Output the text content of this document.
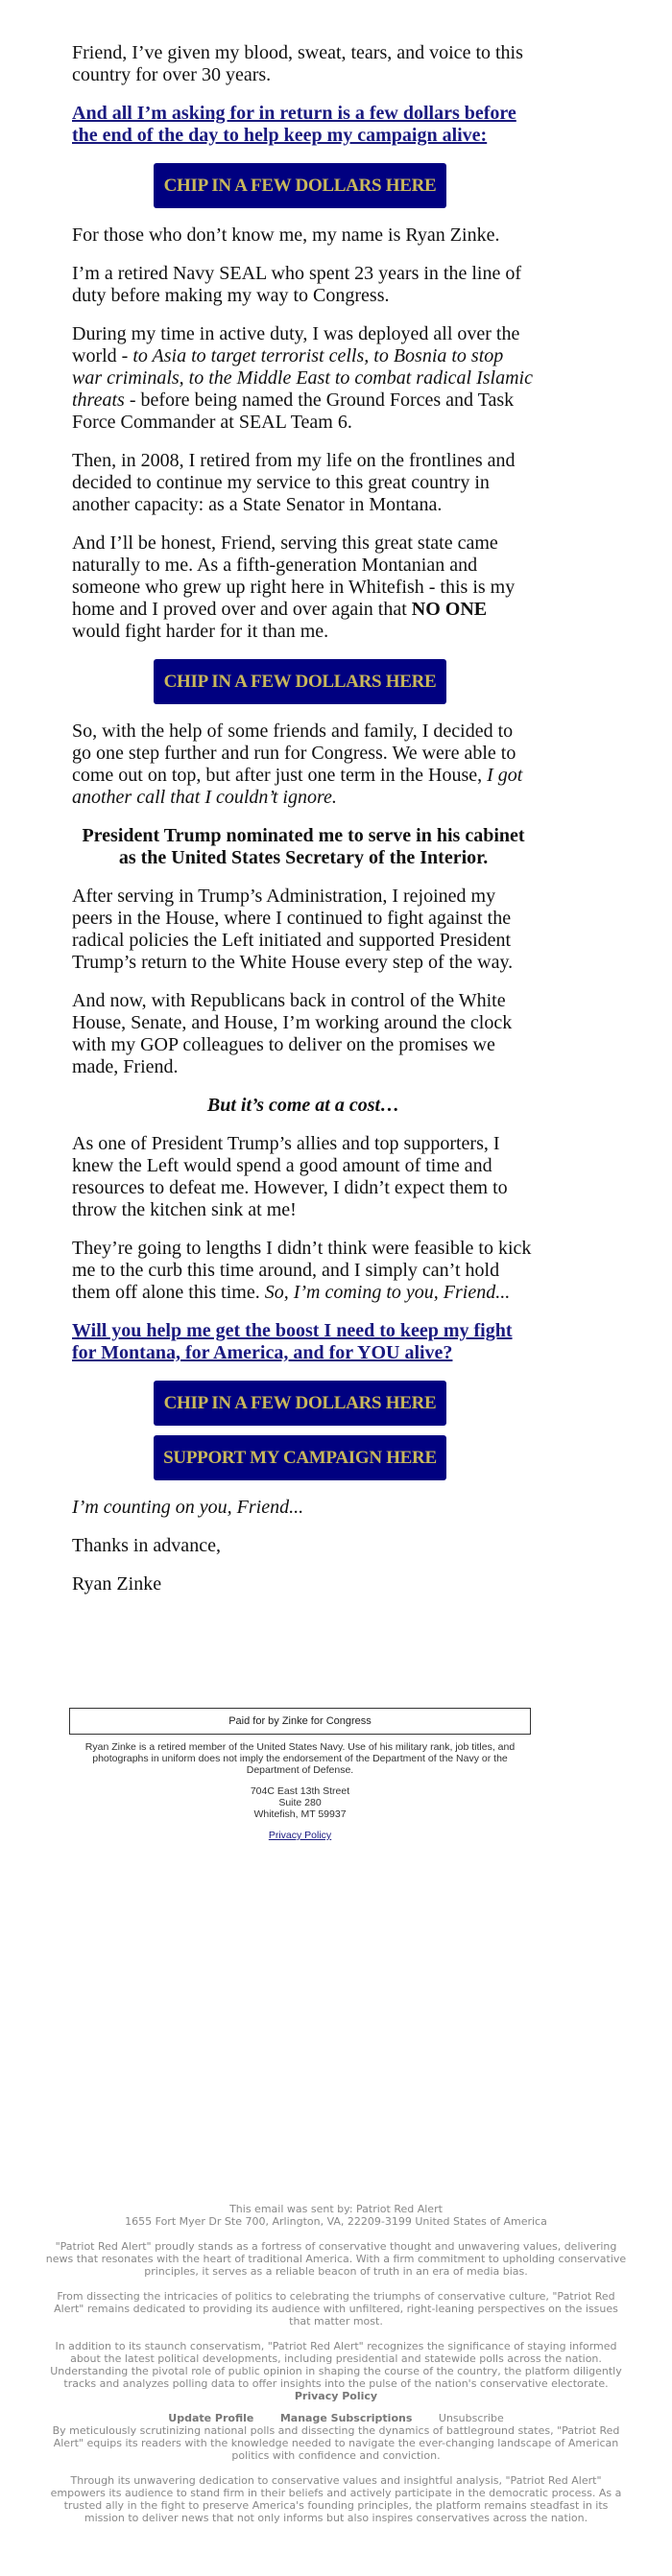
Friend, I’ve given my blood, sweat, tears, and voice to this country for over 30 years.

And all I’m asking for in return is a few dollars before the end of the day to help keep my campaign alive:

CHIP IN A FEW DOLLARS HERE

For those who don’t know me, my name is Ryan Zinke.

I’m a retired Navy SEAL who spent 23 years in the line of duty before making my way to Congress.

During my time in active duty, I was deployed all over the world - to Asia to target terrorist cells, to Bosnia to stop war criminals, to the Middle East to combat radical Islamic threats - before being named the Ground Forces and Task Force Commander at SEAL Team 6.

Then, in 2008, I retired from my life on the frontlines and decided to continue my service to this great country in another capacity: as a State Senator in Montana.

And I’ll be honest, Friend, serving this great state came naturally to me. As a fifth-generation Montanian and someone who grew up right here in Whitefish - this is my home and I proved over and over again that NO ONE would fight harder for it than me.

CHIP IN A FEW DOLLARS HERE

So, with the help of some friends and family, I decided to go one step further and run for Congress. We were able to come out on top, but after just one term in the House, I got another call that I couldn’t ignore.

President Trump nominated me to serve in his cabinet as the United States Secretary of the Interior.

After serving in Trump’s Administration, I rejoined my peers in the House, where I continued to fight against the radical policies the Left initiated and supported President Trump’s return to the White House every step of the way.

And now, with Republicans back in control of the White House, Senate, and House, I’m working around the clock with my GOP colleagues to deliver on the promises we made, Friend.

But it’s come at a cost…

As one of President Trump’s allies and top supporters, I knew the Left would spend a good amount of time and resources to defeat me. However, I didn’t expect them to throw the kitchen sink at me!

They’re going to lengths I didn’t think were feasible to kick me to the curb this time around, and I simply can’t hold them off alone this time. So, I’m coming to you, Friend...

Will you help me get the boost I need to keep my fight for Montana, for America, and for YOU alive?

CHIP IN A FEW DOLLARS HERE
SUPPORT MY CAMPAIGN HERE

I’m counting on you, Friend...

Thanks in advance,

Ryan Zinke

Paid for by Zinke for Congress

Ryan Zinke is a retired member of the United States Navy. Use of his military rank, job titles, and photographs in uniform does not imply the endorsement of the Department of the Navy or the Department of Defense.

704C East 13th Street
Suite 280
Whitefish, MT 59937

Privacy Policy

This email was sent by: Patriot Red Alert
1655 Fort Myer Dr Ste 700, Arlington, VA, 22209-3199 United States of America

"Patriot Red Alert" proudly stands as a fortress of conservative thought and unwavering values, delivering news that resonates with the heart of traditional America. With a firm commitment to upholding conservative principles, it serves as a reliable beacon of truth in an era of media bias.

From dissecting the intricacies of politics to celebrating the triumphs of conservative culture, "Patriot Red Alert" remains dedicated to providing its audience with unfiltered, right-leaning perspectives on the issues that matter most.

In addition to its staunch conservatism, "Patriot Red Alert" recognizes the significance of staying informed about the latest political developments, including presidential and statewide polls across the nation. Understanding the pivotal role of public opinion in shaping the course of the country, the platform diligently tracks and analyzes polling data to offer insights into the pulse of the nation's conservative electorate.

Privacy Policy
Update Profile	Manage Subscriptions	Unsubscribe

By meticulously scrutinizing national polls and dissecting the dynamics of battleground states, "Patriot Red Alert" equips its readers with the knowledge needed to navigate the ever-changing landscape of American politics with confidence and conviction.

Through its unwavering dedication to conservative values and insightful analysis, "Patriot Red Alert" empowers its audience to stand firm in their beliefs and actively participate in the democratic process. As a trusted ally in the fight to preserve America's founding principles, the platform remains steadfast in its mission to deliver news that not only informs but also inspires conservatives across the nation.
